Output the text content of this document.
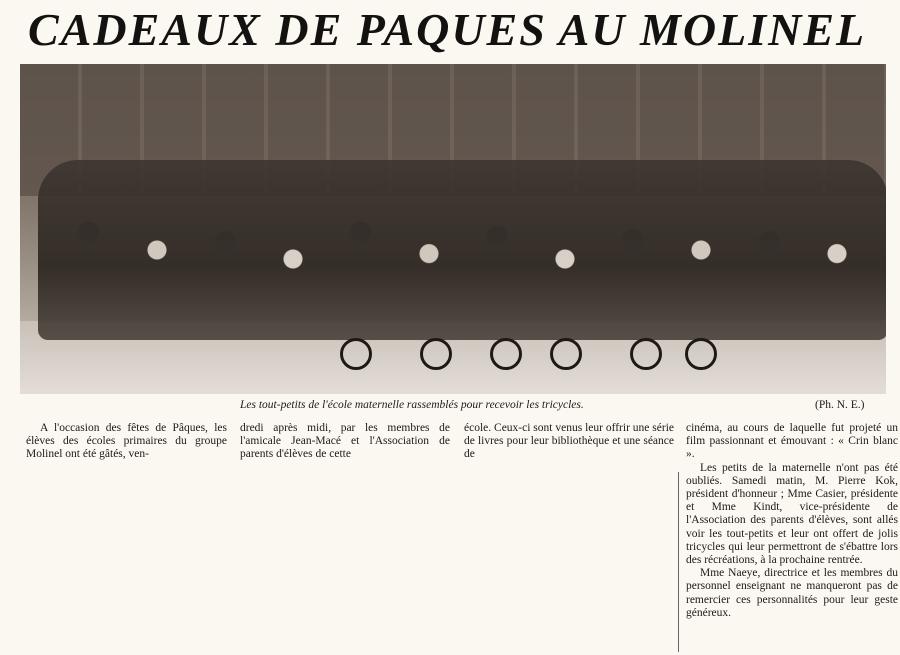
CADEAUX DE PAQUES AU MOLINEL
Les tout-petits de l'école maternelle rassemblés pour recevoir les tricycles.	(Ph. N. E.)

A l'occasion des fêtes de Pâques, les élèves des écoles primaires du groupe Molinel ont été gâtés, ven-

dredi après midi, par les membres de l'amicale Jean-Macé et l'Association de parents d'élèves de cette

école. Ceux-ci sont venus leur offrir une série de livres pour leur bibliothèque et une séance de

cinéma, au cours de laquelle fut projeté un film passionnant et émouvant : « Crin blanc ».

Les petits de la maternelle n'ont pas été oubliés. Samedi matin, M. Pierre Kok, président d'honneur ; Mme Casier, présidente et Mme Kindt, vice-présidente de l'Association des parents d'élèves, sont allés voir les tout-petits et leur ont offert de jolis tricycles qui leur permettront de s'ébattre lors des récréations, à la prochaine rentrée.

Mme Naeye, directrice et les membres du personnel enseignant ne manqueront pas de remercier ces personnalités pour leur geste généreux.
